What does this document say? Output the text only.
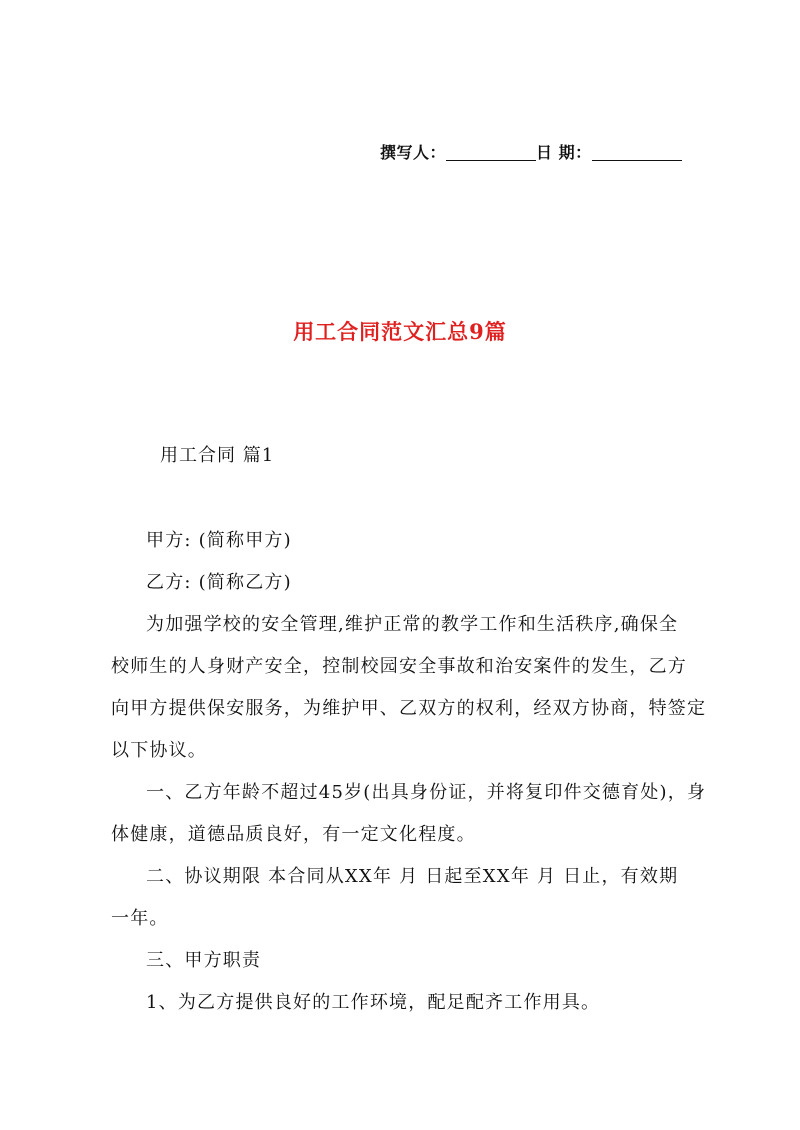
撰写人：	日 期：
用工合同范文汇总9篇
用工合同 篇1
甲方: (简称甲方)
乙方: (简称乙方)
为加强学校的安全管理,维护正常的教学工作和生活秩序,确保全
校师生的人身财产安全，控制校园安全事故和治安案件的发生，乙方
向甲方提供保安服务，为维护甲、乙双方的权利，经双方协商，特签定
以下协议。
一、乙方年龄不超过45岁(出具身份证，并将复印件交德育处)，身
体健康，道德品质良好，有一定文化程度。
二、协议期限 本合同从XX年 月 日起至XX年 月 日止，有效期
一年。
三、甲方职责
1、为乙方提供良好的工作环境，配足配齐工作用具。
